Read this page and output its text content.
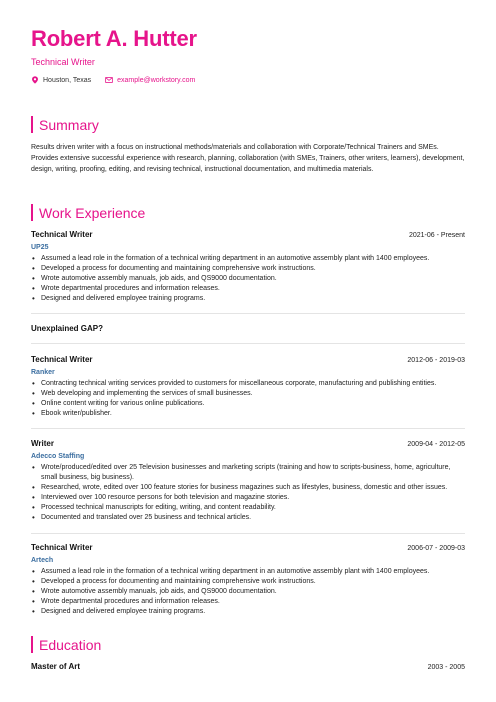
Robert A. Hutter
Technical Writer
Houston, Texas	example@workstory.com
Summary
Results driven writer with a focus on instructional methods/materials and collaboration with Corporate/Technical Trainers and SMEs. Provides extensive successful experience with research, planning, collaboration (with SMEs, Trainers, other writers, learners), development, design, writing, proofing, editing, and revising technical, instructional documentation, and multimedia materials.
Work Experience
Technical Writer	2021-06 - Present
UP25
• Assumed a lead role in the formation of a technical writing department in an automotive assembly plant with 1400 employees.
• Developed a process for documenting and maintaining comprehensive work instructions.
• Wrote automotive assembly manuals, job aids, and QS9000 documentation.
• Wrote departmental procedures and information releases.
• Designed and delivered employee training programs.
Unexplained GAP?
Technical Writer	2012-06 - 2019-03
Ranker
• Contracting technical writing services provided to customers for miscellaneous corporate, manufacturing and publishing entities.
• Web developing and implementing the services of small businesses.
• Online content writing for various online publications.
• Ebook writer/publisher.
Writer	2009-04 - 2012-05
Adecco Staffing
• Wrote/produced/edited over 25 Television businesses and marketing scripts (training and how to scripts-business, home, agriculture, small business, big business).
• Researched, wrote, edited over 100 feature stories for business magazines such as lifestyles, business, domestic and other issues.
• Interviewed over 100 resource persons for both television and magazine stories.
• Processed technical manuscripts for editing, writing, and content readability.
• Documented and translated over 25 business and technical articles.
Technical Writer	2006-07 - 2009-03
Artech
• Assumed a lead role in the formation of a technical writing department in an automotive assembly plant with 1400 employees.
• Developed a process for documenting and maintaining comprehensive work instructions.
• Wrote automotive assembly manuals, job aids, and QS9000 documentation.
• Wrote departmental procedures and information releases.
• Designed and delivered employee training programs.
Education
Master of Art	2003 - 2005
